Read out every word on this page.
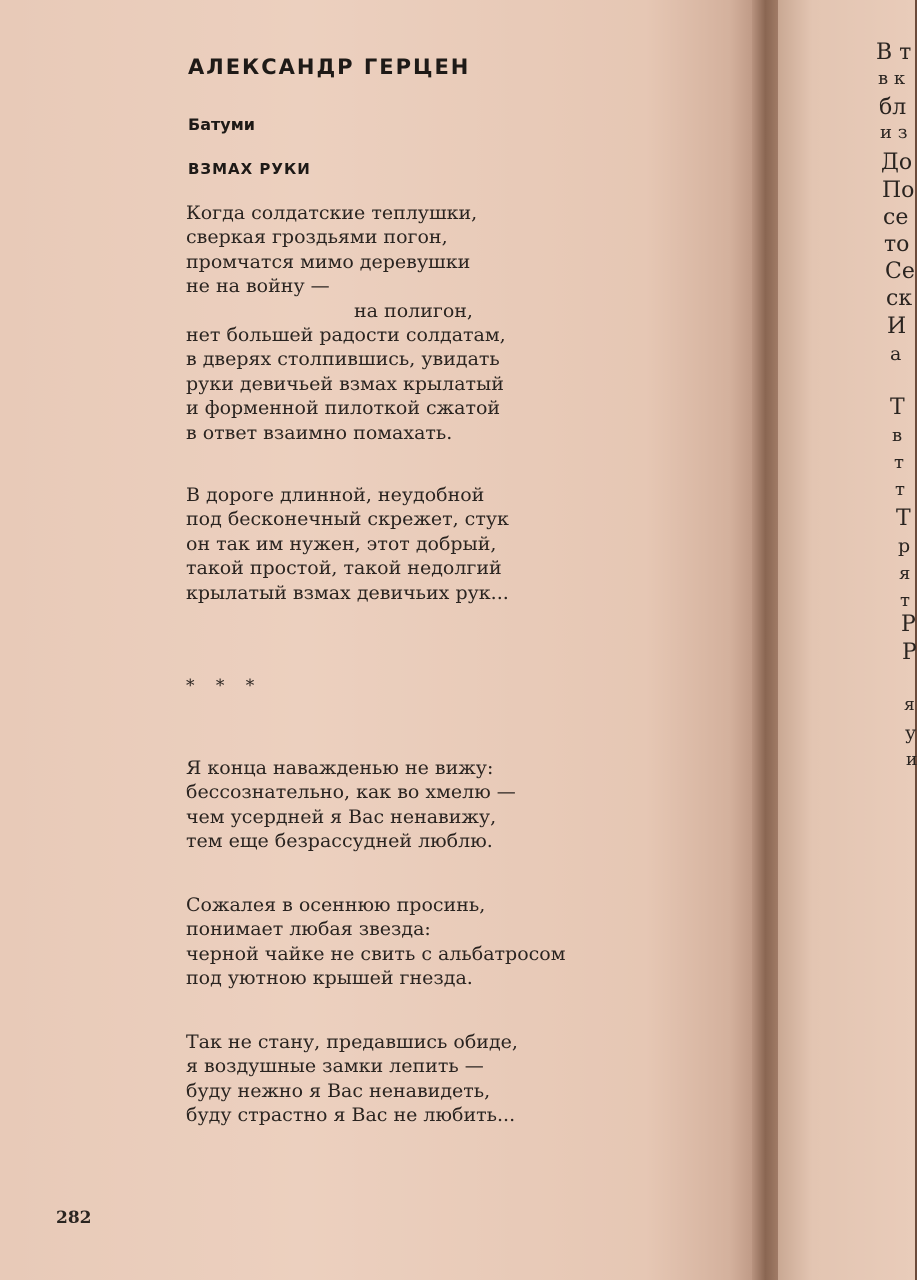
АЛЕКСАНДР ГЕРЦЕН
Батуми
ВЗМАХ РУКИ
Когда солдатские теплушки,
сверкая гроздьями погон,
промчатся мимо деревушки
не на войну —
на полигон,
нет большей радости солдатам,
в дверях столпившись, увидать
руки девичьей взмах крылатый
и форменной пилоткой сжатой
в ответ взаимно помахать.
В дороге длинной, неудобной
под бесконечный скрежет, стук
он так им нужен, этот добрый,
такой простой, такой недолгий
крылатый взмах девичьих рук...
* * *
Я конца наважденью не вижу:
бессознательно, как во хмелю —
чем усердней я Вас ненавижу,
тем еще безрассудней люблю.
Сожалея в осеннюю просинь,
понимает любая звезда:
черной чайке не свить с альбатросом
под уютною крышей гнезда.
Так не стану, предавшись обиде,
я воздушные замки лепить —
буду нежно я Вас ненавидеть,
буду страстно я Вас не любить...
282
В т
в к
бл
и з
До
По
се
то
Се
ск
И
а
Т
в
т
т
Т
р
я
т
Р
Р
я
у
и
